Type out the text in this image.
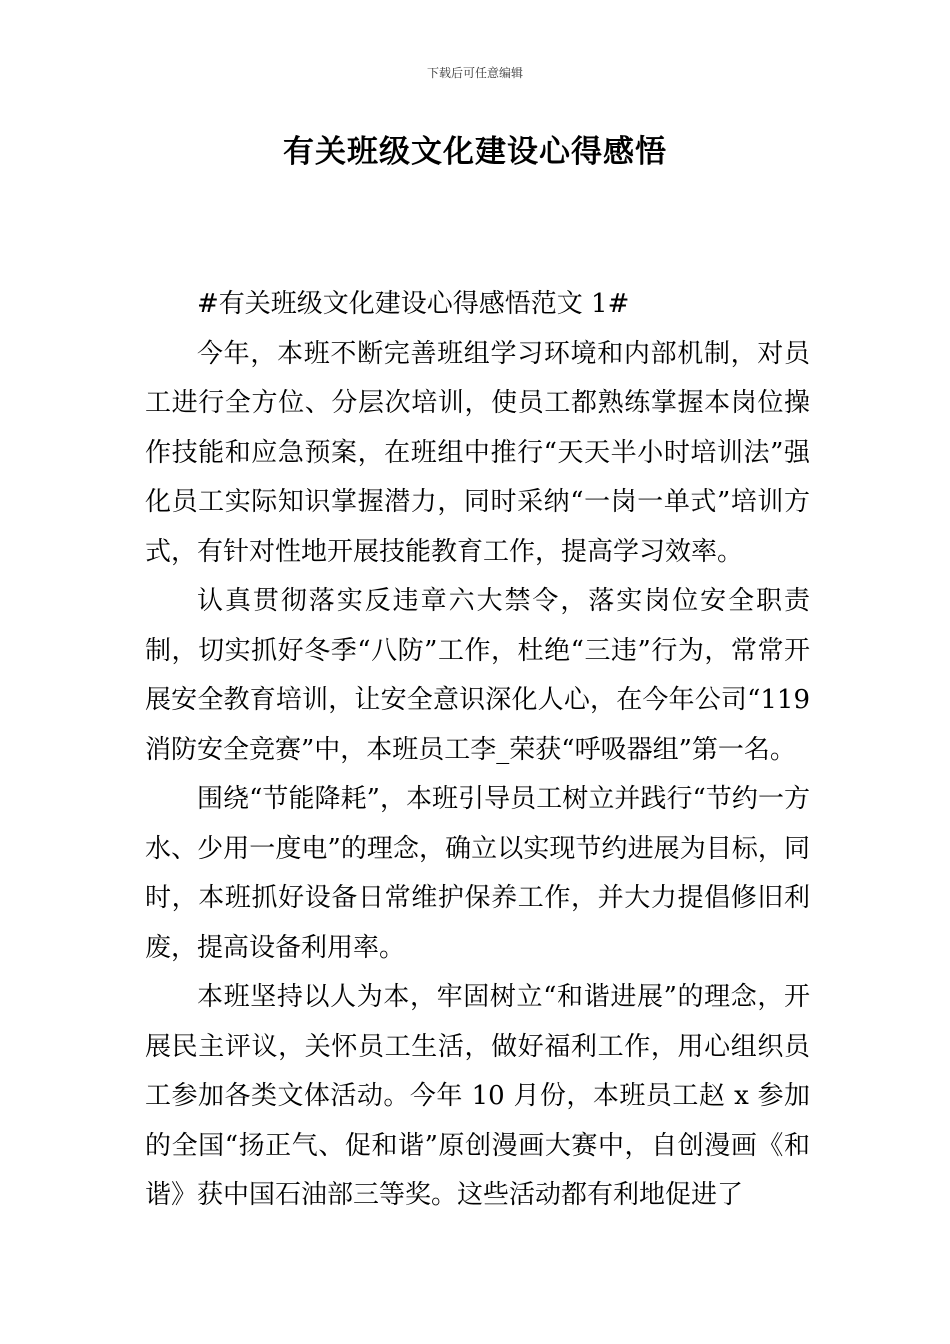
下载后可任意编辑
有关班级文化建设心得感悟

#有关班级文化建设心得感悟范文 1#

今年，本班不断完善班组学习环境和内部机制，对员工进行全方位、分层次培训，使员工都熟练掌握本岗位操作技能和应急预案，在班组中推行“天天半小时培训法”强化员工实际知识掌握潜力，同时采纳“一岗一单式”培训方式，有针对性地开展技能教育工作，提高学习效率。

认真贯彻落实反违章六大禁令，落实岗位安全职责制，切实抓好冬季“八防”工作，杜绝“三违”行为，常常开展安全教育培训，让安全意识深化人心，在今年公司“119消防安全竞赛”中，本班员工李_荣获“呼吸器组”第一名。

围绕“节能降耗”，本班引导员工树立并践行“节约一方水、少用一度电”的理念，确立以实现节约进展为目标，同时，本班抓好设备日常维护保养工作，并大力提倡修旧利废，提高设备利用率。

本班坚持以人为本，牢固树立“和谐进展”的理念，开展民主评议，关怀员工生活，做好福利工作，用心组织员工参加各类文体活动。今年 10 月份，本班员工赵 x 参加的全国“扬正气、促和谐”原创漫画大赛中，自创漫画《和谐》获中国石油部三等奖。这些活动都有利地促进了
